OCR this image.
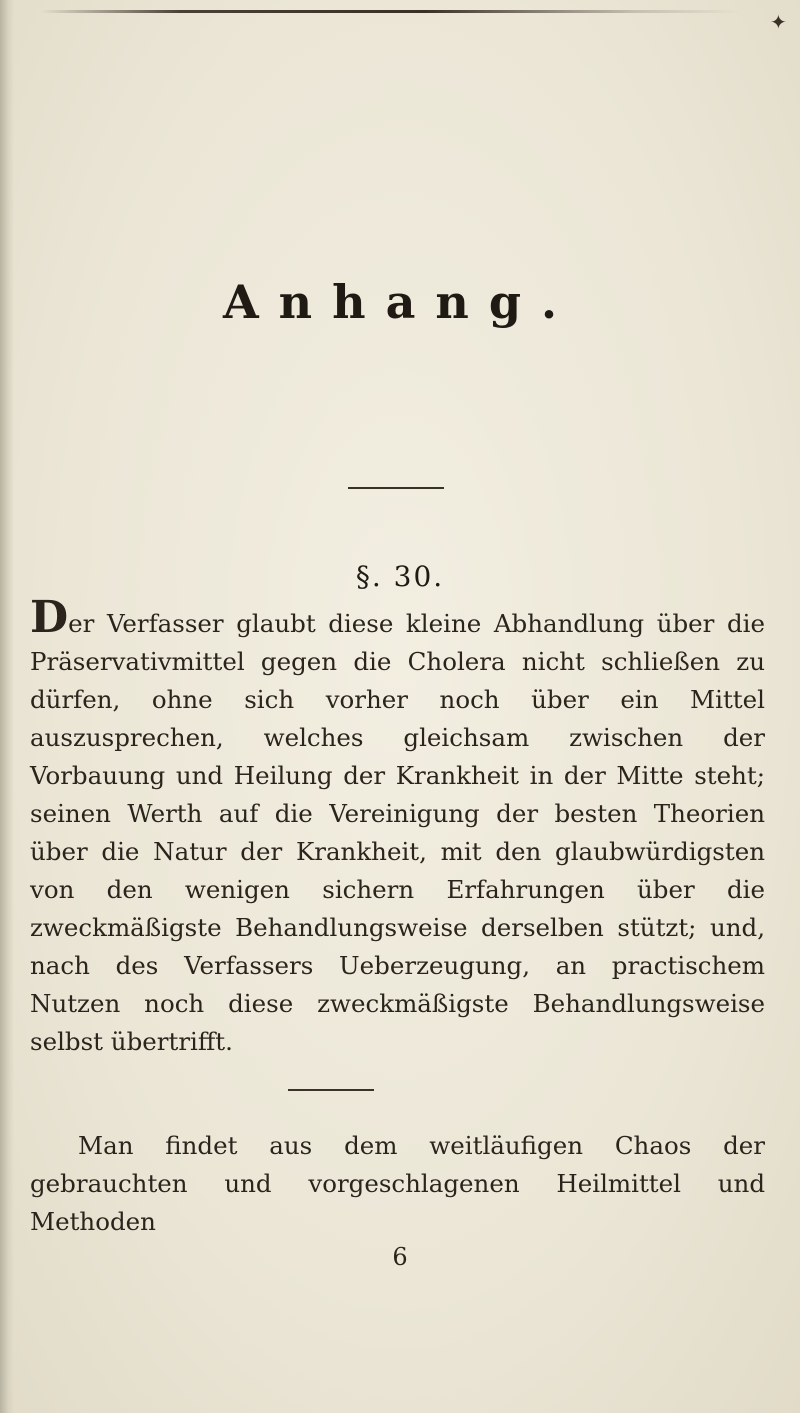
✦
Anhang.
§. 30.

Der Verfasser glaubt diese kleine Abhandlung über die Präservativmittel gegen die Cholera nicht schließen zu dürfen, ohne sich vorher noch über ein Mittel auszusprechen, welches gleichsam zwischen der Vorbauung und Heilung der Krankheit in der Mitte steht; seinen Werth auf die Vereinigung der besten Theorien über die Natur der Krankheit, mit den glaubwürdigsten von den wenigen sichern Erfahrungen über die zweckmäßigste Behandlungsweise derselben stützt; und, nach des Verfassers Ueberzeugung, an practischem Nutzen noch diese zweckmäßigste Behandlungsweise selbst übertrifft.

Man findet aus dem weitläufigen Chaos der gebrauchten und vorgeschlagenen Heilmittel und Methoden

6
